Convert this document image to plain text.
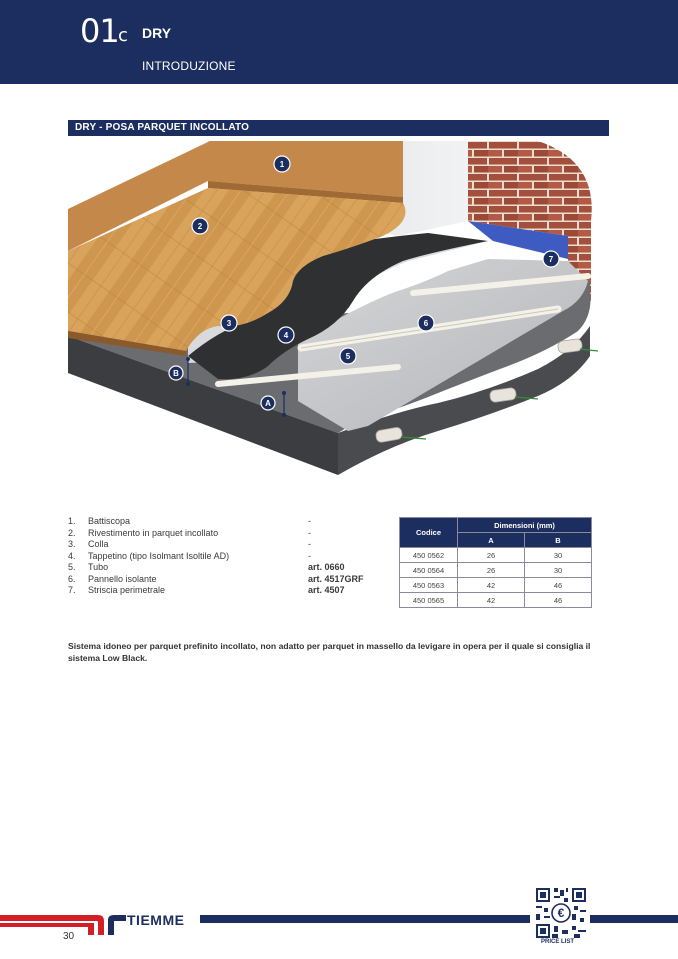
01 c DRY
INTRODUZIONE
DRY - POSA PARQUET INCOLLATO
1
2
3
4
5
6
7
B
A
1. Battiscopa	-
2. Rivestimento in parquet incollato	-
3. Colla	-
4. Tappetino (tipo Isolmant Isoltile AD)	-
5. Tubo	art. 0660
6. Pannello isolante	art. 4517GRF
7. Striscia perimetrale	art. 4507
Codice	Dimensioni (mm)	
	A	B
450 0562	26	30
450 0564	26	30
450 0563	42	46
450 0565	42	46
Sistema idoneo per parquet prefinito incollato, non adatto per parquet in massello da levigare in opera per il quale si consiglia il sistema Low Black.
TIEMME
30
€
PRICE LIST
